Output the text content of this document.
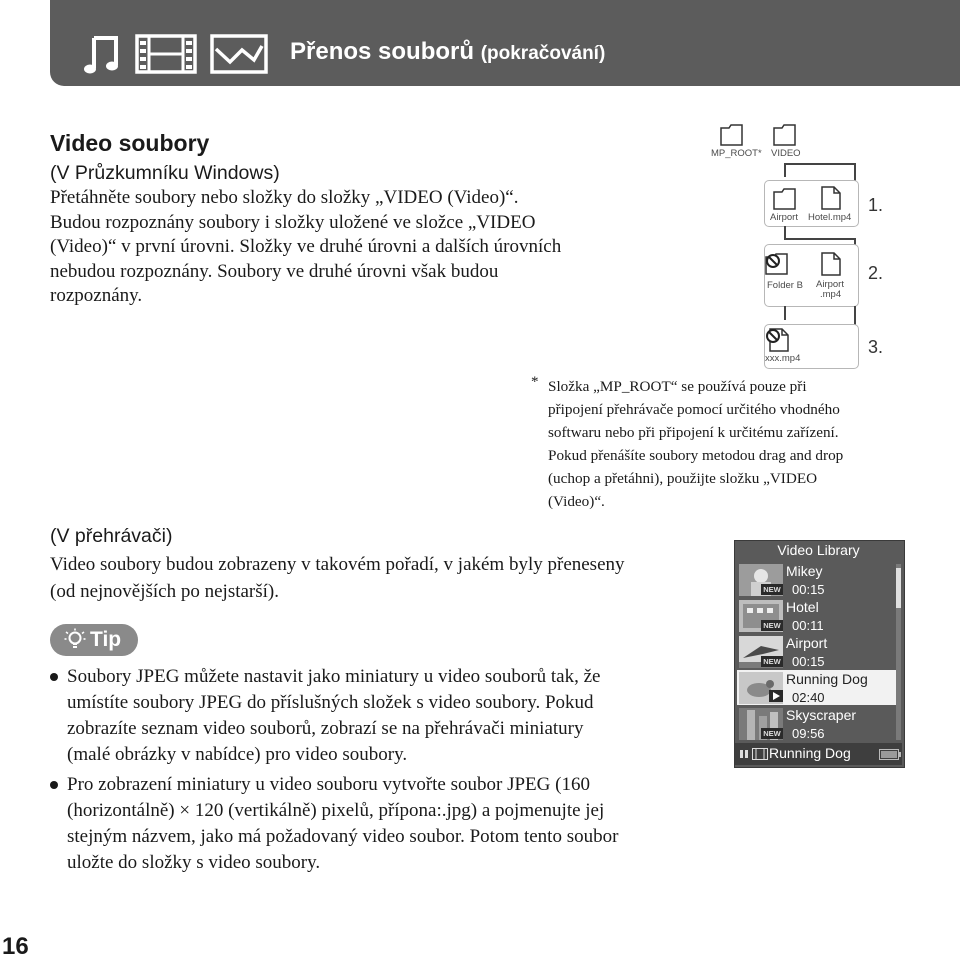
Přenos souborů (pokračování)
Video soubory
(V Průzkumníku Windows)
Přetáhněte soubory nebo složky do složky „VIDEO (Video)“.
Budou rozpoznány soubory i složky uložené ve složce „VIDEO
(Video)“ v první úrovni. Složky ve druhé úrovni a dalších úrovních
nebudou rozpoznány. Soubory ve druhé úrovni však budou
rozpoznány.
MP_ROOT* VIDEO
Airport Hotel.mp4
1.
Folder B Airport
.mp4
2.
xxx.mp4
3.
* Složka „MP_ROOT“ se používá pouze při
připojení přehrávače pomocí určitého vhodného
softwaru nebo při připojení k určitému zařízení.
Pokud přenášíte soubory metodou drag and drop
(uchop a přetáhni), použijte složku „VIDEO
(Video)“.
(V přehrávači)
Video soubory budou zobrazeny v takovém pořadí, v jakém byly přeneseny
(od nejnovějších po nejstarší).
Tip
Soubory JPEG můžete nastavit jako miniatury u video souborů tak, že
umístíte soubory JPEG do příslušných složek s video soubory. Pokud
zobrazíte seznam video souborů, zobrazí se na přehrávači miniatury
(malé obrázky v nabídce) pro video soubory.
Pro zobrazení miniatury u video souboru vytvořte soubor JPEG (160
(horizontálně) × 120 (vertikálně) pixelů, přípona:.jpg) a pojmenujte jej
stejným názvem, jako má požadovaný video soubor. Potom tento soubor
uložte do složky s video soubory.
Video Library
NEW
Mikey
00:15
NEW
Hotel
00:11
NEW
Airport
00:15
Running Dog
02:40
NEW
Skyscraper
09:56
Running Dog
16
